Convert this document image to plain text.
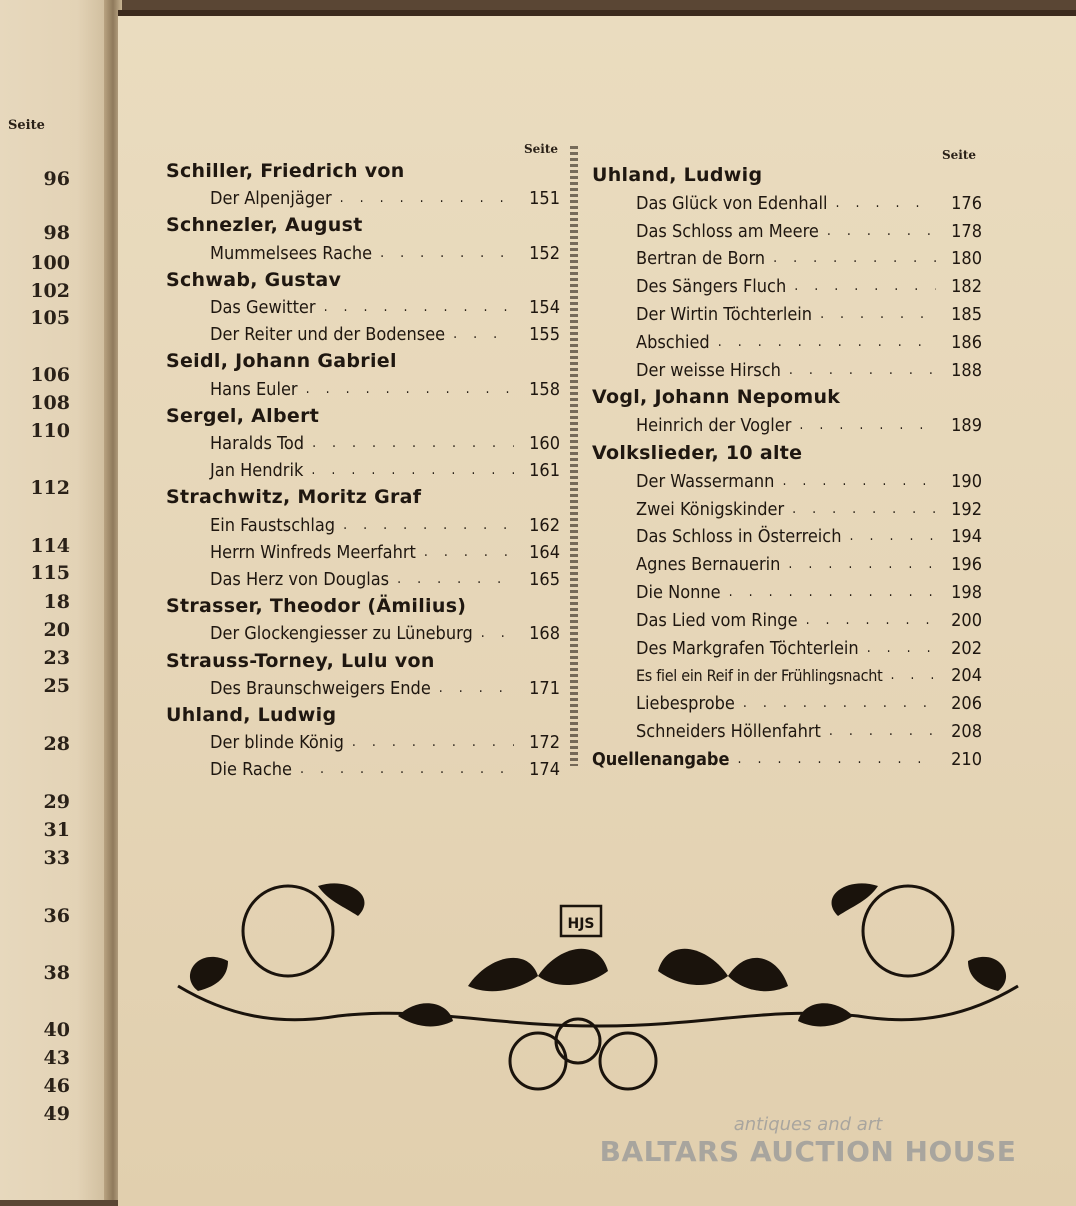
Seite
96
98
100
102
105
106
108
110
112
114
115
18
20
23
25
28
29
31
33
36
38
40
43
46
49
Seite
Schiller, Friedrich von
Der Alpenjäger . . .	151
Schnezler, August
Mummelsees Rache . . .	152
Schwab, Gustav
Das Gewitter . . .	154
Der Reiter und der Bodensee . . .	155
Seidl, Johann Gabriel
Hans Euler . . .	158
Sergel, Albert
Haralds Tod . . .	160
Jan Hendrik . . .	161
Strachwitz, Moritz Graf
Ein Faustschlag . . .	162
Herrn Winfreds Meerfahrt . . .	164
Das Herz von Douglas . . .	165
Strasser, Theodor (Ämilius)
Der Glockengiesser zu Lüneburg . . .	168
Strauss-Torney, Lulu von
Des Braunschweigers Ende . . .	171
Uhland, Ludwig
Der blinde König . . .	172
Die Rache . . .	174
Seite
Uhland, Ludwig
Das Glück von Edenhall . . .	176
Das Schloss am Meere . . .	178
Bertran de Born . . .	180
Des Sängers Fluch . . .	182
Der Wirtin Töchterlein . . .	185
Abschied . . .	186
Der weisse Hirsch . . .	188
Vogl, Johann Nepomuk
Heinrich der Vogler . . .	189
Volkslieder, 10 alte
Der Wassermann . . .	190
Zwei Königskinder . . .	192
Das Schloss in Österreich . . .	194
Agnes Bernauerin . . .	196
Die Nonne . . .	198
Das Lied vom Ringe . . .	200
Des Markgrafen Töchterlein . . .	202
Es fiel ein Reif in der Frühlingsnacht . . .	204
Liebesprobe . . .	206
Schneiders Höllenfahrt . . .	208
Quellenangabe . . .	210
HJS
antiques and art
BALTARS AUCTION HOUSE
